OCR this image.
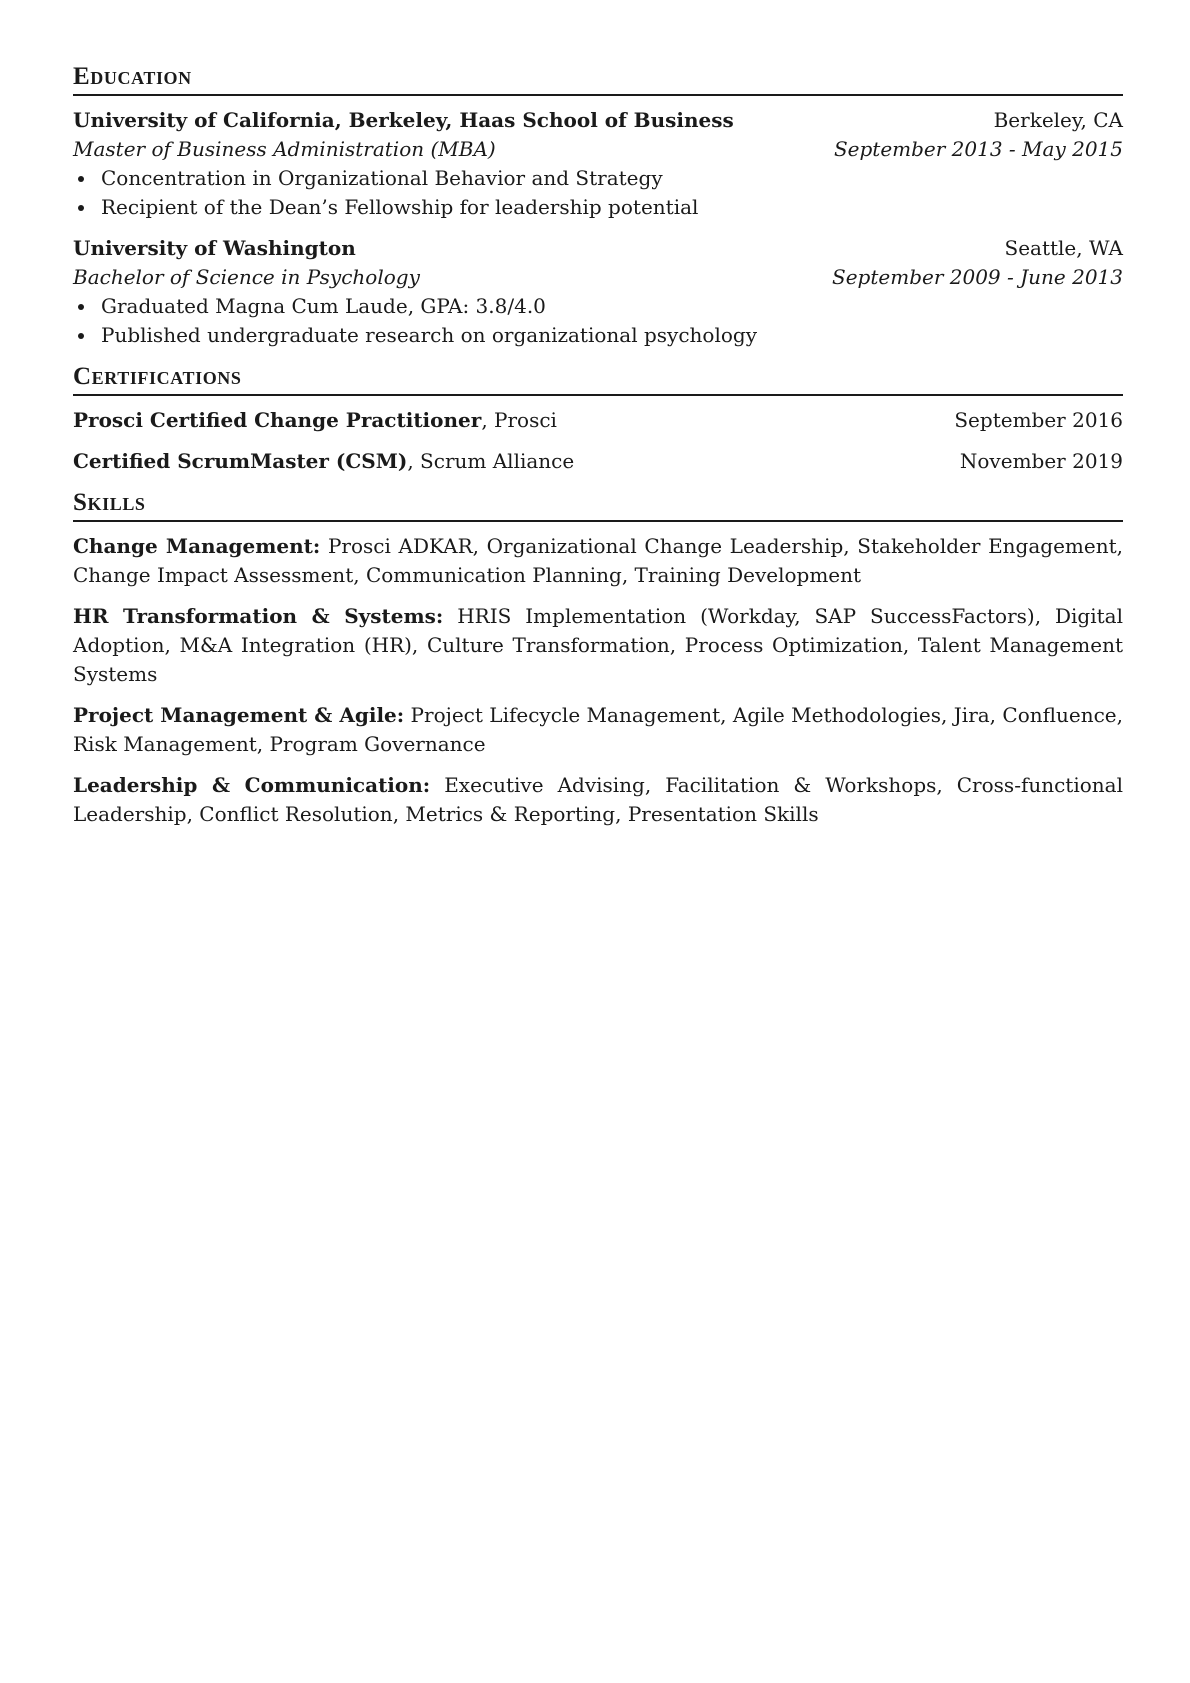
Education
University of California, Berkeley, Haas School of Business	Berkeley, CA
Master of Business Administration (MBA)	September 2013 - May 2015
Concentration in Organizational Behavior and Strategy
Recipient of the Dean’s Fellowship for leadership potential
University of Washington	Seattle, WA
Bachelor of Science in Psychology	September 2009 - June 2013
Graduated Magna Cum Laude, GPA: 3.8/4.0
Published undergraduate research on organizational psychology
Certifications
Prosci Certified Change Practitioner, Prosci	September 2016
Certified ScrumMaster (CSM), Scrum Alliance	November 2019
Skills
Change Management: Prosci ADKAR, Organizational Change Leadership, Stakeholder Engagement, Change Impact Assessment, Communication Planning, Training Development
HR Transformation & Systems: HRIS Implementation (Workday, SAP SuccessFactors), Digital Adoption, M&A Integration (HR), Culture Transformation, Process Optimization, Talent Management Systems
Project Management & Agile: Project Lifecycle Management, Agile Methodologies, Jira, Confluence, Risk Management, Program Governance
Leadership & Communication: Executive Advising, Facilitation & Workshops, Cross-functional Leadership, Conflict Resolution, Metrics & Reporting, Presentation Skills
